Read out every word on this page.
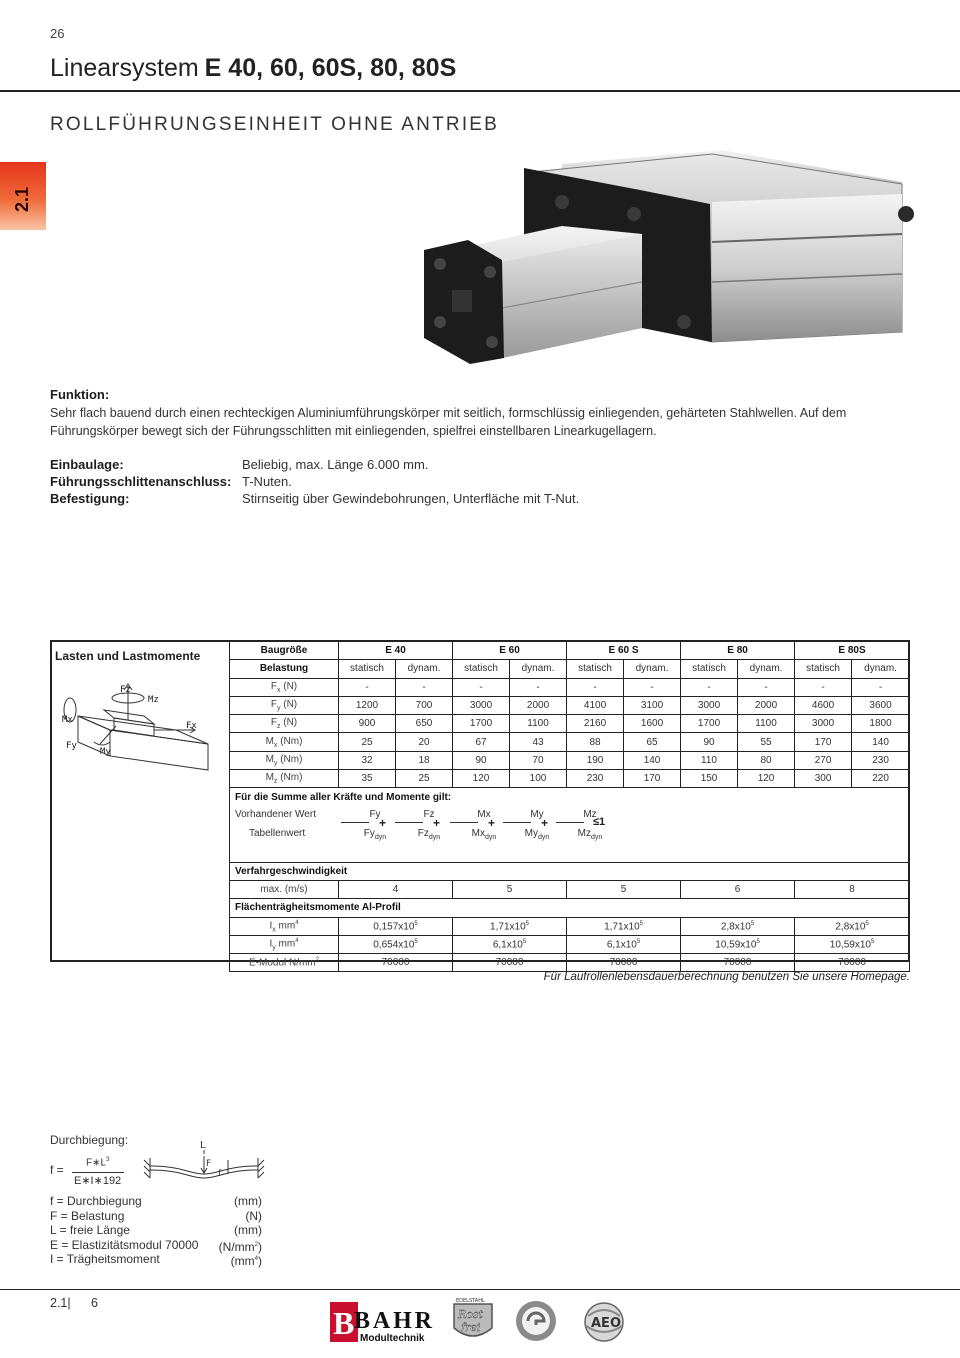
26
Linearsystem E 40, 60, 60S, 80, 80S
2.1
ROLLFÜHRUNGSEINHEIT OHNE ANTRIEB
Funktion:
Sehr flach bauend durch einen rechteckigen Aluminiumführungskörper mit seitlich, formschlüssig einliegenden, gehärteten Stahlwellen. Auf dem Führungskörper bewegt sich der Führungsschlitten mit einliegenden, spielfrei einstellbaren Linearkugellagern.
Einbaulage:	Beliebig, max. Länge 6.000 mm.
Führungsschlittenanschluss: T-Nuten.
Befestigung:	Stirnseitig über Gewindebohrungen, Unterfläche mit T-Nut.
Lasten und Lastmomente
Fz
Mz
Mx
Fx
Fy
My
Baugröße	E 40		E 60		E 60 S		E 80		E 80S	
Belastung	statisch	dynam.	statisch	dynam.	statisch	dynam.	statisch	dynam.	statisch	dynam.
$F_x$ (N)	-	-	-	-	-	-	-	-	-	-
$F_y$ (N)	1200	700	3000	2000	4100	3100	3000	2000	4600	3600
$F_z$ (N)	900	650	1700	1100	2160	1600	1700	1100	3000	1800
$M_x$ (Nm)	25	20	67	43	88	65	90	55	170	140
$M_y$ (Nm)	32	18	90	70	190	140	110	80	270	230
$M_z$ (Nm)	35	25	120	100	230	170	150	120	300	220
Für die Summe aller Kräfte und Momente gilt:										

Verfahrgeschwindigkeit										
max. (m/s)	4		5		5		6		8	
Flächenträgheitsmomente Al-Profil										
$I_x$ $mm^4$	$0,157x10^5$		$1,71x10^5$		$1,71x10^5$		$2,8x10^5$		$2,8x10^5$
$I_y$ $mm^4$	$0,654x10^5$		$6,1x10^5$		$6,1x10^5$		$10,59x10^5$		$10,59x10^5$
E-Modul $N/mm^2$	70000		70000		70000		70000		70000	
Vorhandener Wert
Tabellenwert
Fy
$Fy_{dyn}$
+
Fz
$Fz_{dyn}$
+
Mx
$Mx_{dyn}$
+
My
$My_{dyn}$
+
Mz
$Mz_{dyn}$
≤1
Für Laufrollenlebensdauerberechnung benutzen Sie unsere Homepage.
Durchbiegung:
f =
$F∗L^3$
E∗I∗192
L
F
f
f = Durchbiegung	(mm)
F = Belastung	(N)
L = freie Länge	(mm)
E = Elastizitätsmodul 70000 $(N/mm^2)$
I = Trägheitsmoment	$(mm^4)$
2.1| 6
B BAHR
Modultechnik
EDELSTAHL
Rost
frei	AEO
